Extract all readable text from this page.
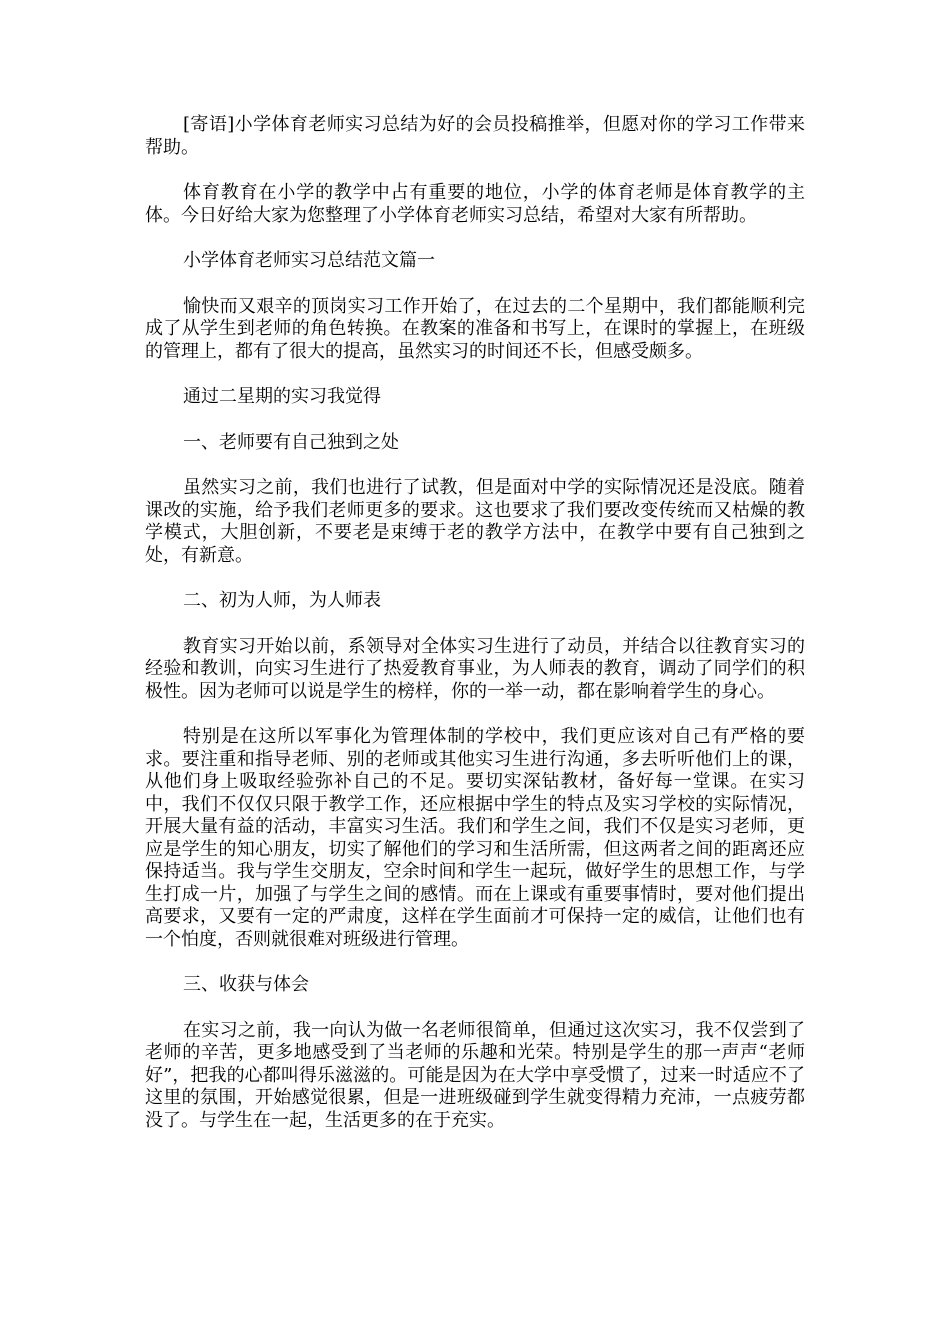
[寄语]小学体育老师实习总结为好的会员投稿推举，但愿对你的学习工作带来帮助。

体育教育在小学的教学中占有重要的地位，小学的体育老师是体育教学的主体。今日好给大家为您整理了小学体育老师实习总结，希望对大家有所帮助。

小学体育老师实习总结范文篇一

愉快而又艰辛的顶岗实习工作开始了，在过去的二个星期中，我们都能顺利完成了从学生到老师的角色转换。在教案的准备和书写上，在课时的掌握上，在班级的管理上，都有了很大的提高，虽然实习的时间还不长，但感受颇多。

通过二星期的实习我觉得

一、老师要有自己独到之处

虽然实习之前，我们也进行了试教，但是面对中学的实际情况还是没底。随着课改的实施，给予我们老师更多的要求。这也要求了我们要改变传统而又枯燥的教学模式，大胆创新，不要老是束缚于老的教学方法中，在教学中要有自己独到之处，有新意。

二、初为人师，为人师表

教育实习开始以前，系领导对全体实习生进行了动员，并结合以往教育实习的经验和教训，向实习生进行了热爱教育事业，为人师表的教育，调动了同学们的积极性。因为老师可以说是学生的榜样，你的一举一动，都在影响着学生的身心。

特别是在这所以军事化为管理体制的学校中，我们更应该对自己有严格的要求。要注重和指导老师、别的老师或其他实习生进行沟通，多去听听他们上的课，从他们身上吸取经验弥补自己的不足。要切实深钻教材，备好每一堂课。在实习中，我们不仅仅只限于教学工作，还应根据中学生的特点及实习学校的实际情况，开展大量有益的活动，丰富实习生活。我们和学生之间，我们不仅是实习老师，更应是学生的知心朋友，切实了解他们的学习和生活所需，但这两者之间的距离还应保持适当。我与学生交朋友，空余时间和学生一起玩，做好学生的思想工作，与学生打成一片，加强了与学生之间的感情。而在上课或有重要事情时，要对他们提出高要求，又要有一定的严肃度，这样在学生面前才可保持一定的威信，让他们也有一个怕度，否则就很难对班级进行管理。

三、收获与体会

在实习之前，我一向认为做一名老师很简单，但通过这次实习，我不仅尝到了老师的辛苦，更多地感受到了当老师的乐趣和光荣。特别是学生的那一声声“老师好”，把我的心都叫得乐滋滋的。可能是因为在大学中享受惯了，过来一时适应不了这里的氛围，开始感觉很累，但是一进班级碰到学生就变得精力充沛，一点疲劳都没了。与学生在一起，生活更多的在于充实。
